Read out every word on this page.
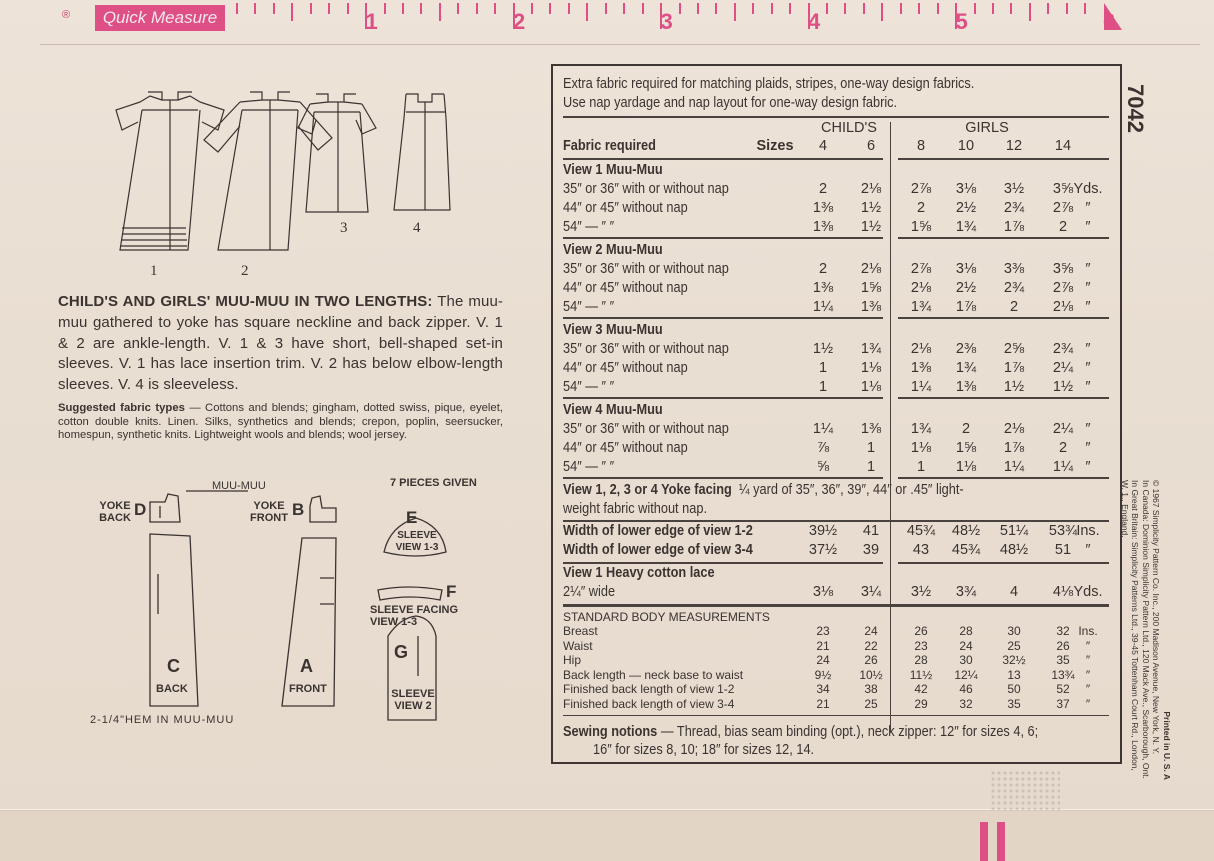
®	Quick Measure	1	2	3	4	5	6
1	2
3	4
CHILD'S AND GIRLS' MUU-MUU IN TWO LENGTHS: The muu-muu gathered to yoke has square neckline and back zipper. V. 1 & 2 are ankle-length. V. 1 & 3 have short, bell-shaped set-in sleeves. V. 1 has lace insertion trim. V. 2 has below elbow-length sleeves. V. 4 is sleeveless.
Suggested fabric types — Cottons and blends; gingham, dotted swiss, pique, eyelet, cotton double knits. Linen. Silks, synthetics and blends; crepon, poplin, seersucker, homespun, synthetic knits. Lightweight wools and blends; wool jersey.
MUU-MUU	7 PIECES GIVEN
YOKE BACK D	YOKE FRONT B
C
BACK
A
FRONT
E
SLEEVE VIEW 1-3
F
SLEEVE FACING VIEW 1-3
G
SLEEVE VIEW 2
2-1/4"HEM IN MUU-MUU
Extra fabric required for matching plaids, stripes, one-way design fabrics.
Use nap yardage and nap layout for one-way design fabric.
CHILD'S	GIRLS
Fabric required	Sizes	4	6	8	10	12	14
View 1 Muu-Muu
35″ or 36″ with or without nap	2	2⅛	2⅞	3⅛	3½	3⅝ Yds.
44″ or 45″ without nap	1⅜	1½	2	2½	2¾	2⅞ ″
54″ — ″ ″	1⅜	1½	1⅝	1¾	1⅞	2	″
View 2 Muu-Muu
35″ or 36″ with or without nap	2	2⅛	2⅞	3⅛	3⅜	3⅝ ″
44″ or 45″ without nap	1⅜	1⅝	2⅛	2½	2¾	2⅞ ″
54″ — ″ ″	1¼	1⅜	1¾	1⅞	2	2⅛ ″
View 3 Muu-Muu
35″ or 36″ with or without nap	1½	1¾	2⅛	2⅜	2⅝	2¾ ″
44″ or 45″ without nap	1	1⅛	1⅜	1¾	1⅞	2¼ ″
54″ — ″ ″	1	1⅛	1¼	1⅜	1½	1½ ″
View 4 Muu-Muu
35″ or 36″ with or without nap	1¼	1⅜	1¾	2	2⅛	2¼ ″
44″ or 45″ without nap	⅞	1	1⅛	1⅝	1⅞	2	″
54″ — ″ ″	⅝	1	1	1⅛	1¼	1¼ ″
View 1, 2, 3 or 4 Yoke facing ¼ yard of 35″, 36″, 39″, 44″ or .45″ light-
weight fabric without nap.
Width of lower edge of view 1-2	39½	41	45¾	48½	51¼	53¾ Ins.
Width of lower edge of view 3-4	37½	39	43	45¾	48½	51 ″
View 1 Heavy cotton lace
2¼″ wide	3⅛	3¼	3½	3¾	4	4⅛ Yds.
STANDARD BODY MEASUREMENTS
Breast	23	24	26	28	30	32 Ins.
Waist	21	22	23	24	25	26	″
Hip	24	26	28	30	32½	35	″
Back length — neck base to waist	9½	10½	11½	12¼	13	13¾ ″
Finished back length of view 1-2	34	38	42	46	50	52	″
Finished back length of view 3-4	21	25	29	32	35	37	″
Sewing notions — Thread, bias seam binding (opt.), neck zipper: 12″ for sizes 4, 6;
16″ for sizes 8, 10; 18″ for sizes 12, 14.
7042
Printed in U. S. A
© 1967 Simplicity Pattern Co. Inc., 200 Madison Avenue, New York, N. Y.
In Canada: Dominion Simplicity Pattern Ltd., 120 Mack Ave., Scarborough, Ont.
In Great Britain: Simplicity Patterns Ltd., 39-45 Tottenham Court Rd., London, W. 1., England.
